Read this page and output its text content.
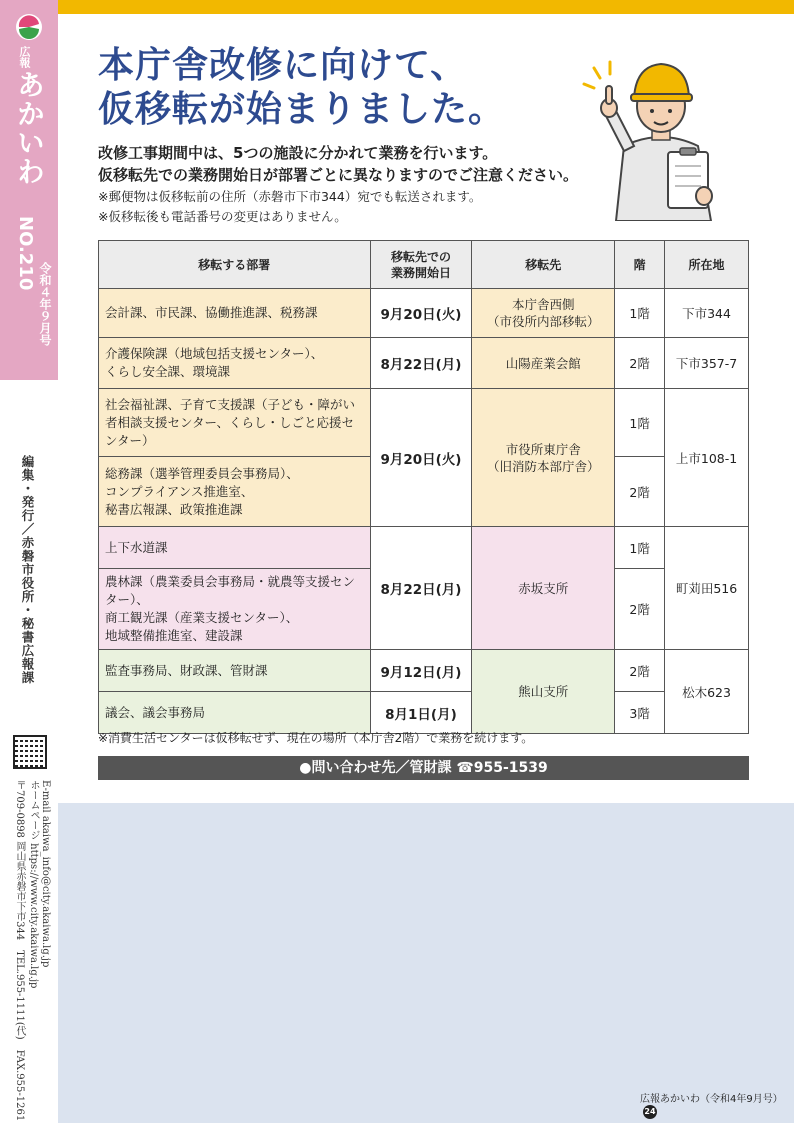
広報
あかいわ
NO.210
令和４年９月号
編集・発行／赤磐市役所・秘書広報課
〒709-0898 岡山県赤磐市下市344　TEL.955-1111(代)　FAX.955-1261 ホームページ https://www.city.akaiwa.lg.jp E-mail akaiwa_info@city.akaiwa.lg.jp
本庁舎改修に向けて、
仮移転が始まりました。
改修工事期間中は、5つの施設に分かれて業務を行います。
仮移転先での業務開始日が部署ごとに異なりますのでご注意ください。
※郵便物は仮移転前の住所（赤磐市下市344）宛でも転送されます。
※仮移転後も電話番号の変更はありません。
移転する部署	移転先での
業務開始日	移転先	階	所在地
会計課、市民課、協働推進課、税務課	9月20日(火)	本庁舎西側
（市役所内部移転）	1階	下市344
介護保険課（地域包括支援センター）、
くらし安全課、環境課	8月22日(月)	山陽産業会館	2階	下市357-7
社会福祉課、子育て支援課（子ども・障がい者相談支援センター、くらし・しごと応援センター）	9月20日(火)	市役所東庁舎
（旧消防本部庁舎）	1階	上市108-1
総務課（選挙管理委員会事務局）、
コンプライアンス推進室、
秘書広報課、政策推進課			2階	
上下水道課	8月22日(月)	赤坂支所	1階	町苅田516
農林課（農業委員会事務局・就農等支援センター）、
商工観光課（産業支援センター）、
地域整備推進室、建設課			2階	
監査事務局、財政課、管財課	9月12日(月)	熊山支所	2階	松木623
議会、議会事務局	8月1日(月)		3階	
※消費生活センターは仮移転せず、現在の場所（本庁舎2階）で業務を続けます。
●問い合わせ先／管財課 ☎955-1539
広報あかいわ（令和4年9月号）24
